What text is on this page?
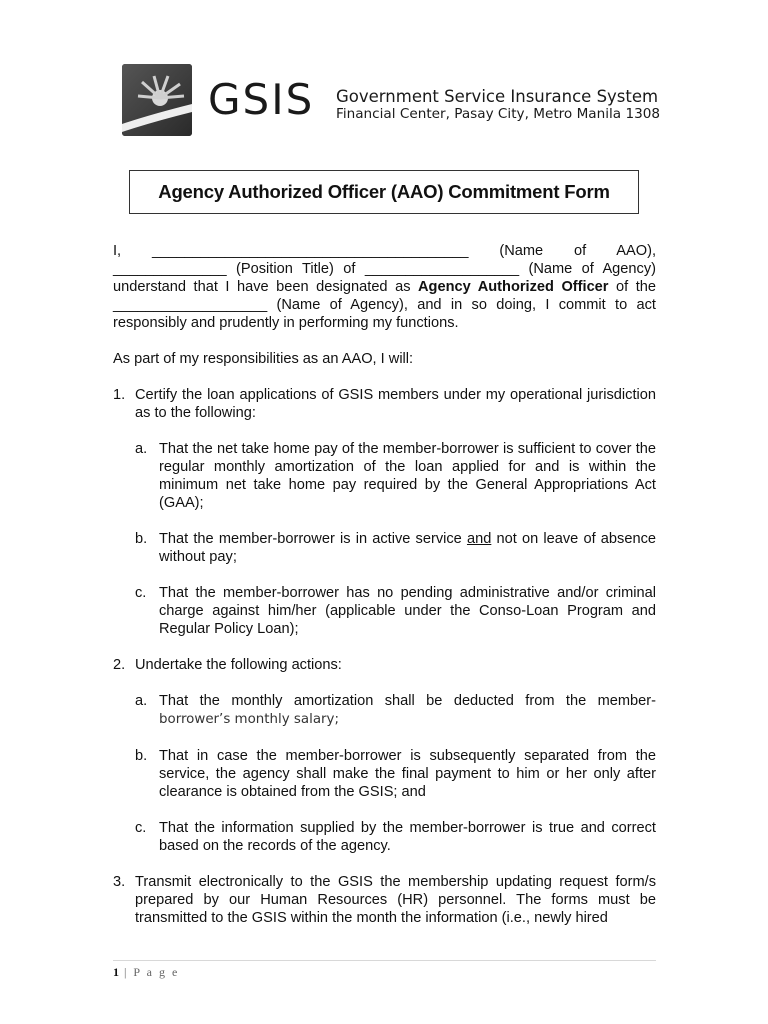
GSIS Government Service Insurance System
Financial Center, Pasay City, Metro Manila 1308
Agency Authorized Officer (AAO) Commitment Form
I, _______________________________________ (Name of AAO),
______________ (Position Title) of ___________________ (Name of Agency)
understand that I have been designated as Agency Authorized Officer of the
___________________ (Name of Agency), and in so doing, I commit to act
responsibly and prudently in performing my functions.
As part of my responsibilities as an AAO, I will:
1. Certify the loan applications of GSIS members under my operational jurisdiction as to the following:
a. That the net take home pay of the member-borrower is sufficient to cover the regular monthly amortization of the loan applied for and is within the minimum net take home pay required by the General Appropriations Act (GAA);
b. That the member-borrower is in active service and not on leave of absence without pay;
c. That the member-borrower has no pending administrative and/or criminal charge against him/her (applicable under the Conso-Loan Program and Regular Policy Loan);
2. Undertake the following actions:
a. That the monthly amortization shall be deducted from the member-
borrower’s monthly salary;
b. That in case the member-borrower is subsequently separated from the service, the agency shall make the final payment to him or her only after clearance is obtained from the GSIS; and
c. That the information supplied by the member-borrower is true and correct based on the records of the agency.
3. Transmit electronically to the GSIS the membership updating request form/s prepared by our Human Resources (HR) personnel. The forms must be transmitted to the GSIS within the month the information (i.e., newly hired
1 | P a g e
